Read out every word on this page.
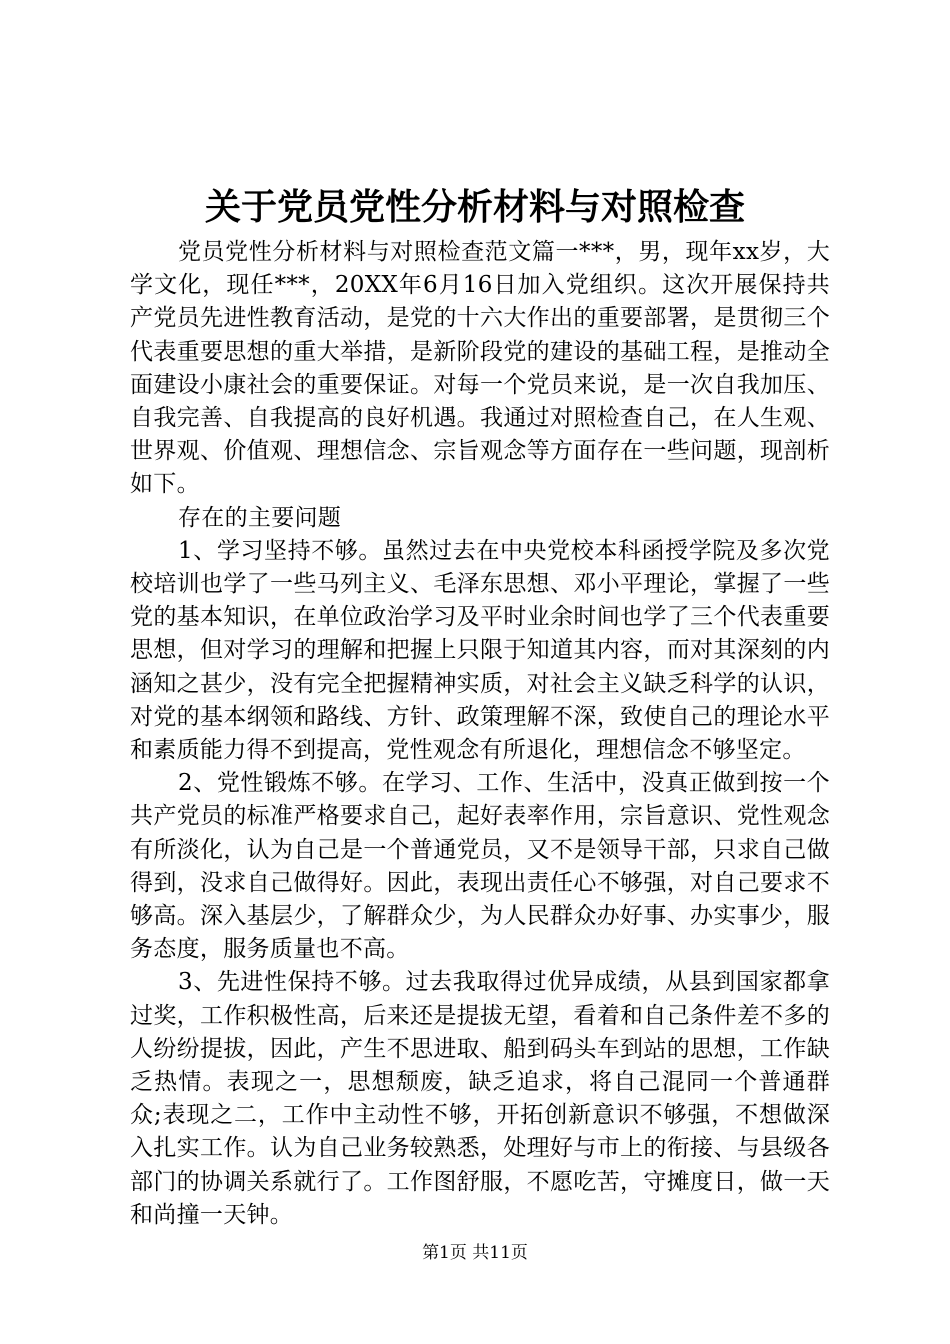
关于党员党性分析材料与对照检查

党员党性分析材料与对照检查范文篇一***，男，现年xx岁，大学文化，现任***，20XX年6月16日加入党组织。这次开展保持共产党员先进性教育活动，是党的十六大作出的重要部署，是贯彻三个代表重要思想的重大举措，是新阶段党的建设的基础工程，是推动全面建设小康社会的重要保证。对每一个党员来说，是一次自我加压、自我完善、自我提高的良好机遇。我通过对照检查自己，在人生观、世界观、价值观、理想信念、宗旨观念等方面存在一些问题，现剖析如下。

存在的主要问题

1、学习坚持不够。虽然过去在中央党校本科函授学院及多次党校培训也学了一些马列主义、毛泽东思想、邓小平理论，掌握了一些党的基本知识，在单位政治学习及平时业余时间也学了三个代表重要思想，但对学习的理解和把握上只限于知道其内容，而对其深刻的内涵知之甚少，没有完全把握精神实质，对社会主义缺乏科学的认识，对党的基本纲领和路线、方针、政策理解不深，致使自己的理论水平和素质能力得不到提高，党性观念有所退化，理想信念不够坚定。

2、党性锻炼不够。在学习、工作、生活中，没真正做到按一个共产党员的标准严格要求自己，起好表率作用，宗旨意识、党性观念有所淡化，认为自己是一个普通党员，又不是领导干部，只求自己做得到，没求自己做得好。因此，表现出责任心不够强，对自己要求不够高。深入基层少，了解群众少，为人民群众办好事、办实事少，服务态度，服务质量也不高。

3、先进性保持不够。过去我取得过优异成绩，从县到国家都拿过奖，工作积极性高，后来还是提拔无望，看着和自己条件差不多的人纷纷提拔，因此，产生不思进取、船到码头车到站的思想，工作缺乏热情。表现之一，思想颓废，缺乏追求，将自己混同一个普通群众;表现之二，工作中主动性不够，开拓创新意识不够强，不想做深入扎实工作。认为自己业务较熟悉，处理好与市上的衔接、与县级各部门的协调关系就行了。工作图舒服，不愿吃苦，守摊度日，做一天和尚撞一天钟。

第1页 共11页
